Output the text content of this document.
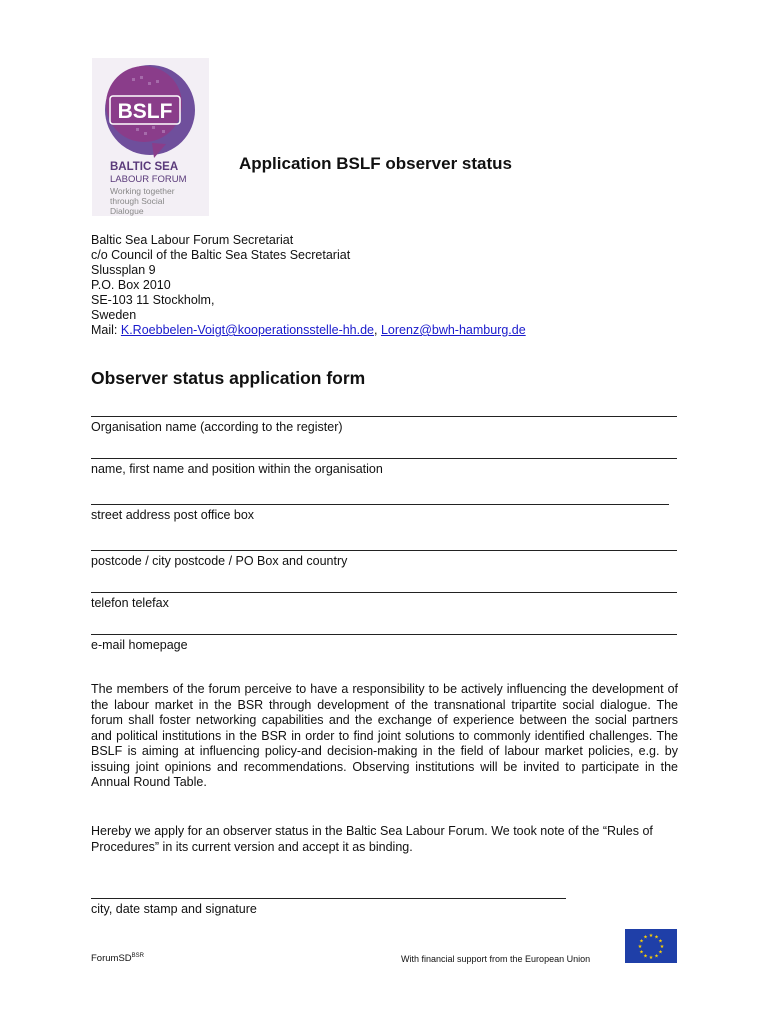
BSLF
BALTIC SEA
LABOUR FORUM
Working together
through Social
Dialogue
Application BSLF observer status
Baltic Sea Labour Forum Secretariat
c/o Council of the Baltic Sea States Secretariat
Slussplan 9
P.O. Box 2010
SE-103 11 Stockholm,
Sweden
Mail: K.Roebbelen-Voigt@kooperationsstelle-hh.de, Lorenz@bwh-hamburg.de
Observer status application form
Organisation name (according to the register)
name, first name and position within the organisation
street address post office box
postcode / city postcode / PO Box and country
telefon telefax
e-mail homepage
The members of the forum perceive to have a responsibility to be actively influencing the development of the labour market in the BSR through development of the transnational tripartite social dialogue. The forum shall foster networking capabilities and the exchange of experience between the social partners and political institutions in the BSR in order to find joint solutions to commonly identified challenges. The BSLF is aiming at influencing policy-and decision-making in the field of labour market policies, e.g. by issuing joint opinions and recommendations. Observing institutions will be invited to participate in the Annual Round Table.
Hereby we apply for an observer status in the Baltic Sea Labour Forum. We took note of the “Rules of Procedures” in its current version and accept it as binding.
city, date stamp and signature
ForumSD$^{BSR}$	With financial support from the European Union
★
★
★
★
★
★
★
★
★ ★ ★
★
